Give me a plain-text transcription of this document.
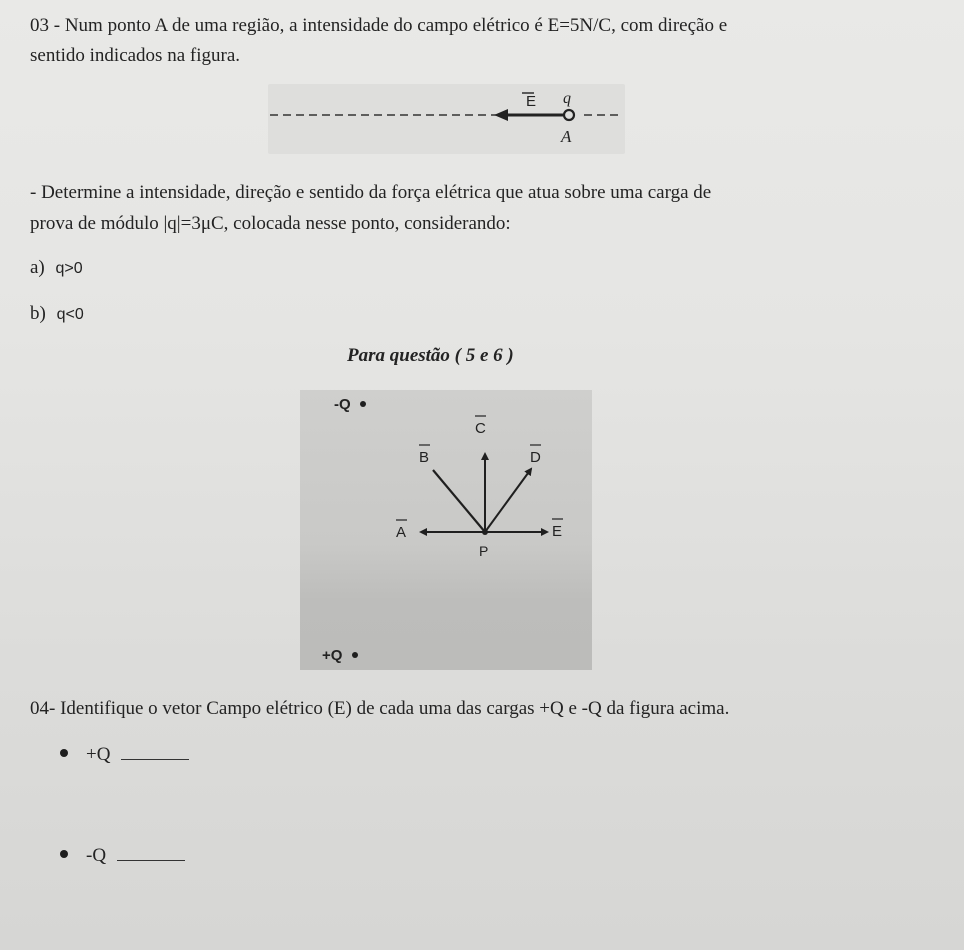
03 - Num ponto A de uma região, a intensidade do campo elétrico é E=5N/C, com direção e
sentido indicados na figura.
E q
A
- Determine a intensidade, direção e sentido da força elétrica que atua sobre uma carga de
prova de módulo |q|=3μC, colocada nesse ponto, considerando:
a) q>0
b) q<0
Para questão ( 5 e 6 )
-Q
+Q
C
B	D
A	E
P
04- Identifique o vetor Campo elétrico (E) de cada uma das cargas +Q e -Q da figura acima.
+Q
-Q
